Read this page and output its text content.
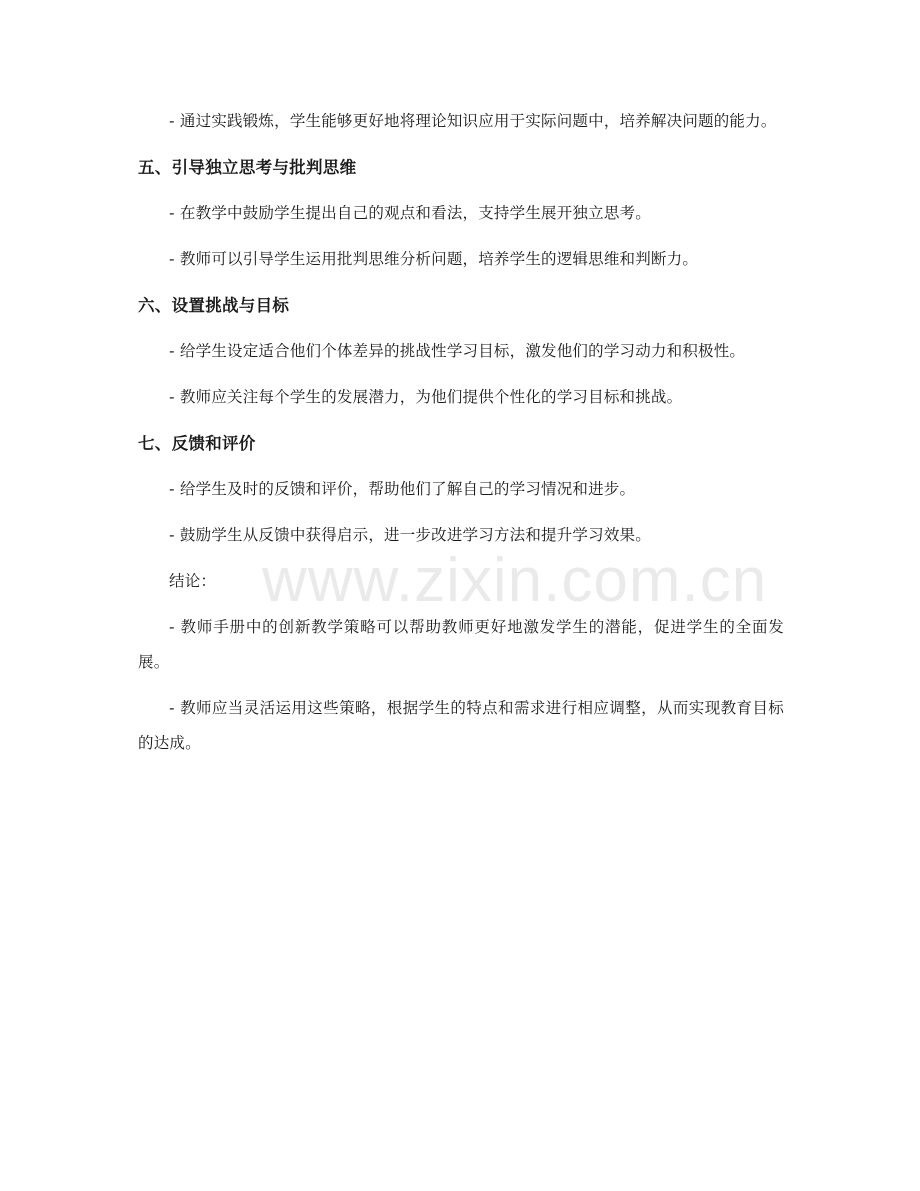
- 通过实践锻炼，学生能够更好地将理论知识应用于实际问题中，培养解决问题的能力。

五、引导独立思考与批判思维

- 在教学中鼓励学生提出自己的观点和看法，支持学生展开独立思考。

- 教师可以引导学生运用批判思维分析问题，培养学生的逻辑思维和判断力。

六、设置挑战与目标

- 给学生设定适合他们个体差异的挑战性学习目标，激发他们的学习动力和积极性。

- 教师应关注每个学生的发展潜力，为他们提供个性化的学习目标和挑战。

七、反馈和评价

- 给学生及时的反馈和评价，帮助他们了解自己的学习情况和进步。

- 鼓励学生从反馈中获得启示，进一步改进学习方法和提升学习效果。

结论：

- 教师手册中的创新教学策略可以帮助教师更好地激发学生的潜能，促进学生的全面发展。

- 教师应当灵活运用这些策略，根据学生的特点和需求进行相应调整，从而实现教育目标的达成。

www.zixin.com.cn
